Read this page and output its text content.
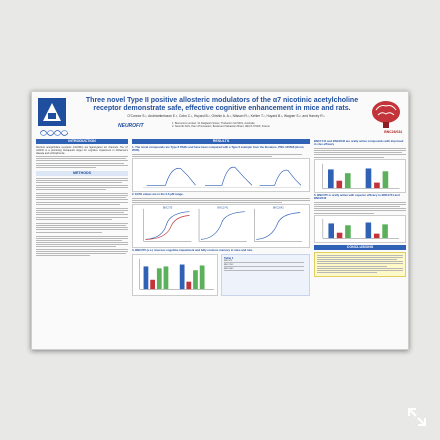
Three novel Type II positive allosteric modulators of the α7 nicotinic acetylcholine receptor demonstrate safe, effective cognitive enhancement in mice and rats.

O'Connor S.¹, Andriambeloson E.², Cobo C.¹, Huyard B.², Grishin A. A.¹, Nilsson R.¹, Kehler T.¹, Huyard B.², Wagner S.², and Harvey R.¹

1. Bionomics Limited, 31 Dalgleish Street, Thebarton SA 5031, Australia
2. Neurofit SAS, Parc d'Innovation, Boulevard Sébastien Brant, Illkirch 67400, France
NEUROFIT
BNC24/034
INTRODUCTION

Nicotinic acetylcholine receptors (nAChRs) are ligand-gated ion channels. The α7 nAChR is a promising therapeutic target for cognitive impairment in Alzheimer's disease and schizophrenia.

METHODS
RESULTS
1. The novel compounds are Type II PAMs and have been compared with a Type II example from the literature, PNU-120596 (Hurst, 2005).
2. EC50 values are in the 0.3 μM range.
BNC375	BNC1741	BNC2042
3. BNC375 (s.c.) reverses cognitive impairment and fully restores memory in mice and rats.
Table 1
BNC375
BNC1741
BNC2042
BNC1741 and BNC2042 are orally active compounds with improved in vivo efficacy
5. BNC375 is orally active with superior efficacy to BNC1741 and BNC2042
CONCLUSIONS
